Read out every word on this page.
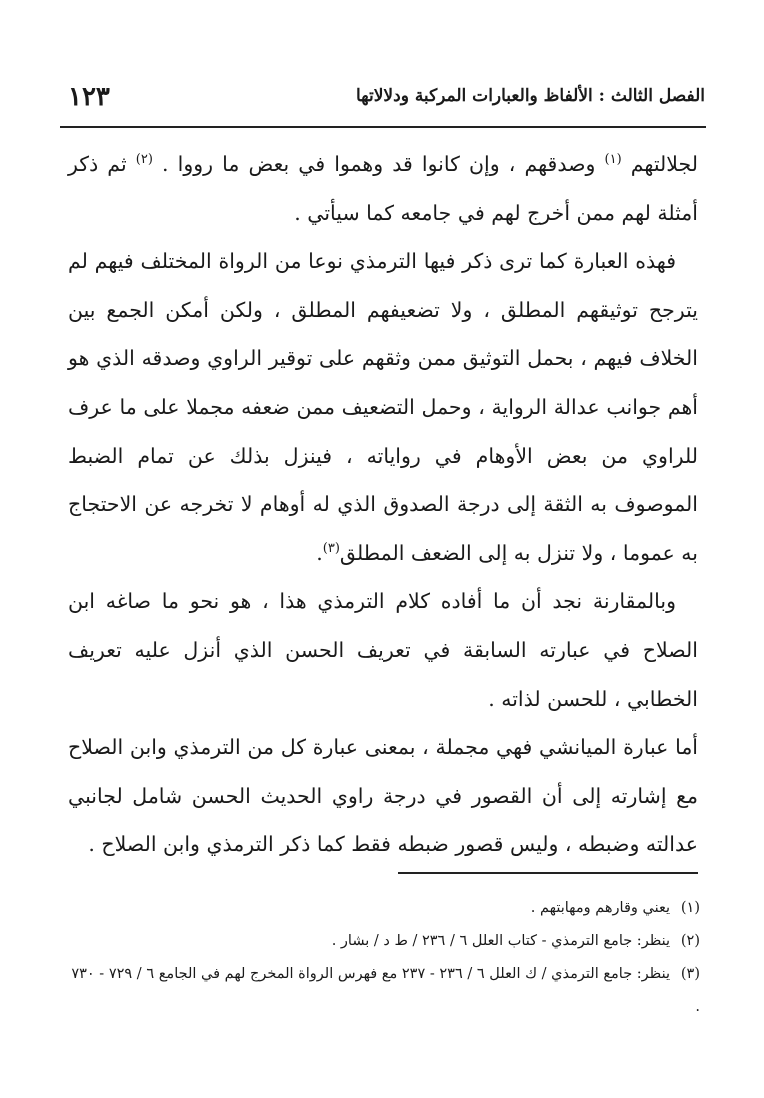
الفصل الثالث : الألفاظ والعبارات المركبة ودلالاتها
١٢٣

لجلالتهم $^{(١)}$ وصدقهم ، وإن كانوا قد وهموا في بعض ما رووا . $^{(٢)}$ ثم ذكر أمثلة لهم ممن أخرج لهم في جامعه كما سيأتي .

فهذه العبارة كما ترى ذكر فيها الترمذي نوعا من الرواة المختلف فيهم لم يترجح توثيقهم المطلق ، ولا تضعيفهم المطلق ، ولكن أمكن الجمع بين الخلاف فيهم ، بحمل التوثيق ممن وثقهم على توقير الراوي وصدقه الذي هو أهم جوانب عدالة الرواية ، وحمل التضعيف ممن ضعفه مجملا على ما عرف للراوي من بعض الأوهام في رواياته ، فينزل بذلك عن تمام الضبط الموصوف به الثقة إلى درجة الصدوق الذي له أوهام لا تخرجه عن الاحتجاج به عموما ، ولا تنزل به إلى الضعف المطلق$^{(٣)}$.

وبالمقارنة نجد أن ما أفاده كلام الترمذي هذا ، هو نحو ما صاغه ابن الصلاح في عبارته السابقة في تعريف الحسن الذي أنزل عليه تعريف الخطابي ، للحسن لذاته .

أما عبارة الميانشي فهي مجملة ، بمعنى عبارة كل من الترمذي وابن الصلاح مع إشارته إلى أن القصور في درجة راوي الحديث الحسن شامل لجانبي عدالته وضبطه ، وليس قصور ضبطه فقط كما ذكر الترمذي وابن الصلاح .

(١)يعني وقارهم ومهابتهم .

(٢)ينظر: جامع الترمذي - كتاب العلل ٦ / ٢٣٦ / ط د / بشار .

(٣)ينظر: جامع الترمذي / ك العلل ٦ / ٢٣٦ - ٢٣٧ مع فهرس الرواة المخرج لهم في الجامع ٦ / ٧٢٩ - ٧٣٠ .
